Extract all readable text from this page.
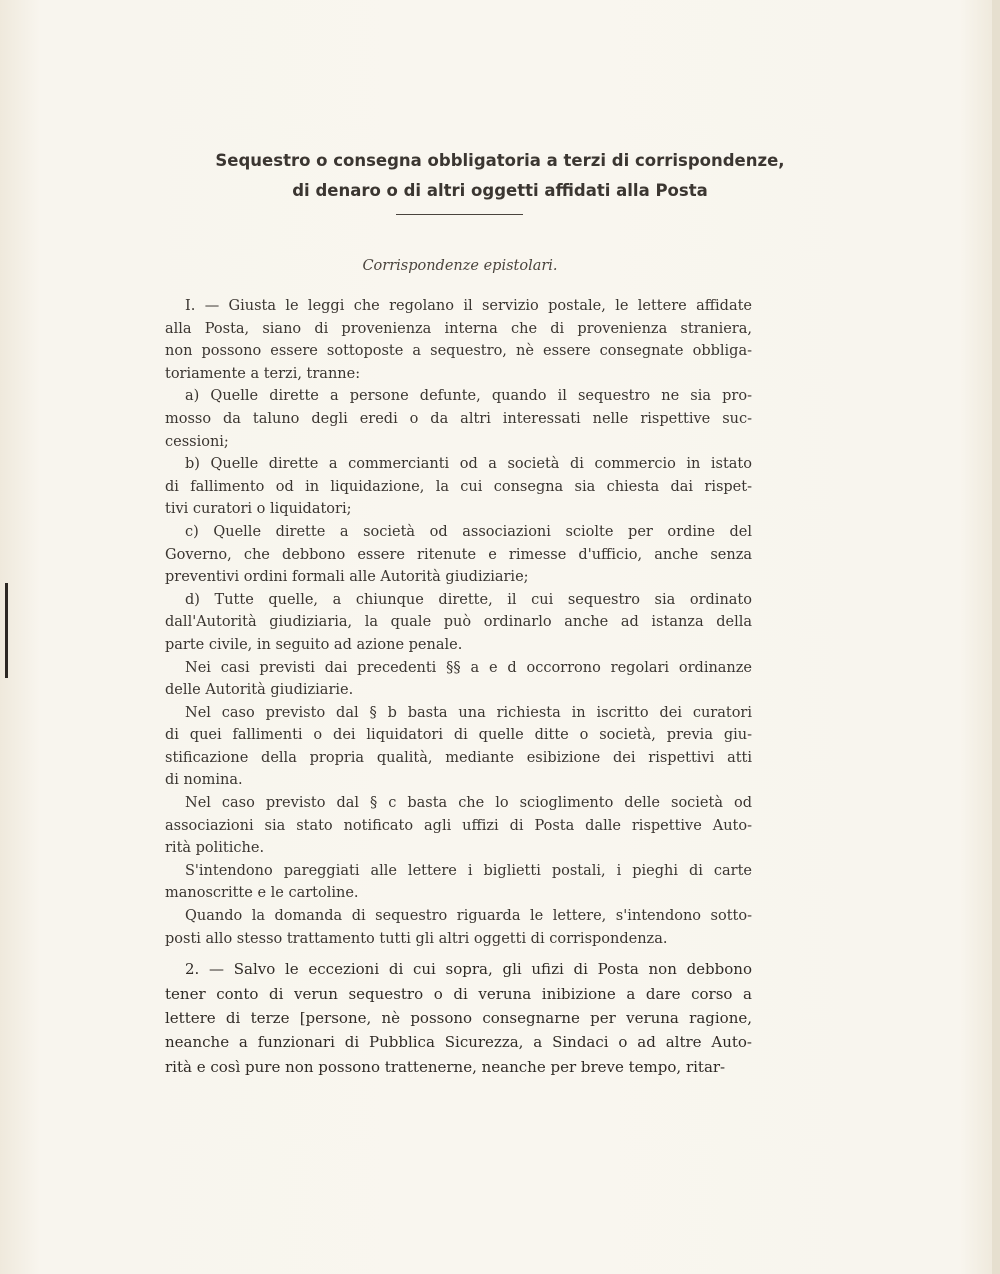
Sequestro o consegna obbligatoria a terzi di corrispondenze,
di denaro o di altri oggetti affidati alla Posta
Corrispondenze epistolari.
I. — Giusta le leggi che regolano il servizio postale, le lettere affidate
alla Posta, siano di provenienza interna che di provenienza straniera,
non possono essere sottoposte a sequestro, nè essere consegnate obbliga-
toriamente a terzi, tranne:
a) Quelle dirette a persone defunte, quando il sequestro ne sia pro-
mosso da taluno degli eredi o da altri interessati nelle rispettive suc-
cessioni;
b) Quelle dirette a commercianti od a società di commercio in istato
di fallimento od in liquidazione, la cui consegna sia chiesta dai rispet-
tivi curatori o liquidatori;
c) Quelle dirette a società od associazioni sciolte per ordine del
Governo, che debbono essere ritenute e rimesse d'ufficio, anche senza
preventivi ordini formali alle Autorità giudiziarie;
d) Tutte quelle, a chiunque dirette, il cui sequestro sia ordinato
dall'Autorità giudiziaria, la quale può ordinarlo anche ad istanza della
parte civile, in seguito ad azione penale.
Nei casi previsti dai precedenti §§ a e d occorrono regolari ordinanze
delle Autorità giudiziarie.
Nel caso previsto dal § b basta una richiesta in iscritto dei curatori
di quei fallimenti o dei liquidatori di quelle ditte o società, previa giu-
stificazione della propria qualità, mediante esibizione dei rispettivi atti
di nomina.
Nel caso previsto dal § c basta che lo scioglimento delle società od
associazioni sia stato notificato agli uffizi di Posta dalle rispettive Auto-
rità politiche.
S'intendono pareggiati alle lettere i biglietti postali, i pieghi di carte
manoscritte e le cartoline.
Quando la domanda di sequestro riguarda le lettere, s'intendono sotto-
posti allo stesso trattamento tutti gli altri oggetti di corrispondenza.
2. — Salvo le eccezioni di cui sopra, gli ufizi di Posta non debbono
tener conto di verun sequestro o di veruna inibizione a dare corso a
lettere di terze [persone, nè possono consegnarne per veruna ragione,
neanche a funzionari di Pubblica Sicurezza, a Sindaci o ad altre Auto-
rità e così pure non possono trattenerne, neanche per breve tempo, ritar-
